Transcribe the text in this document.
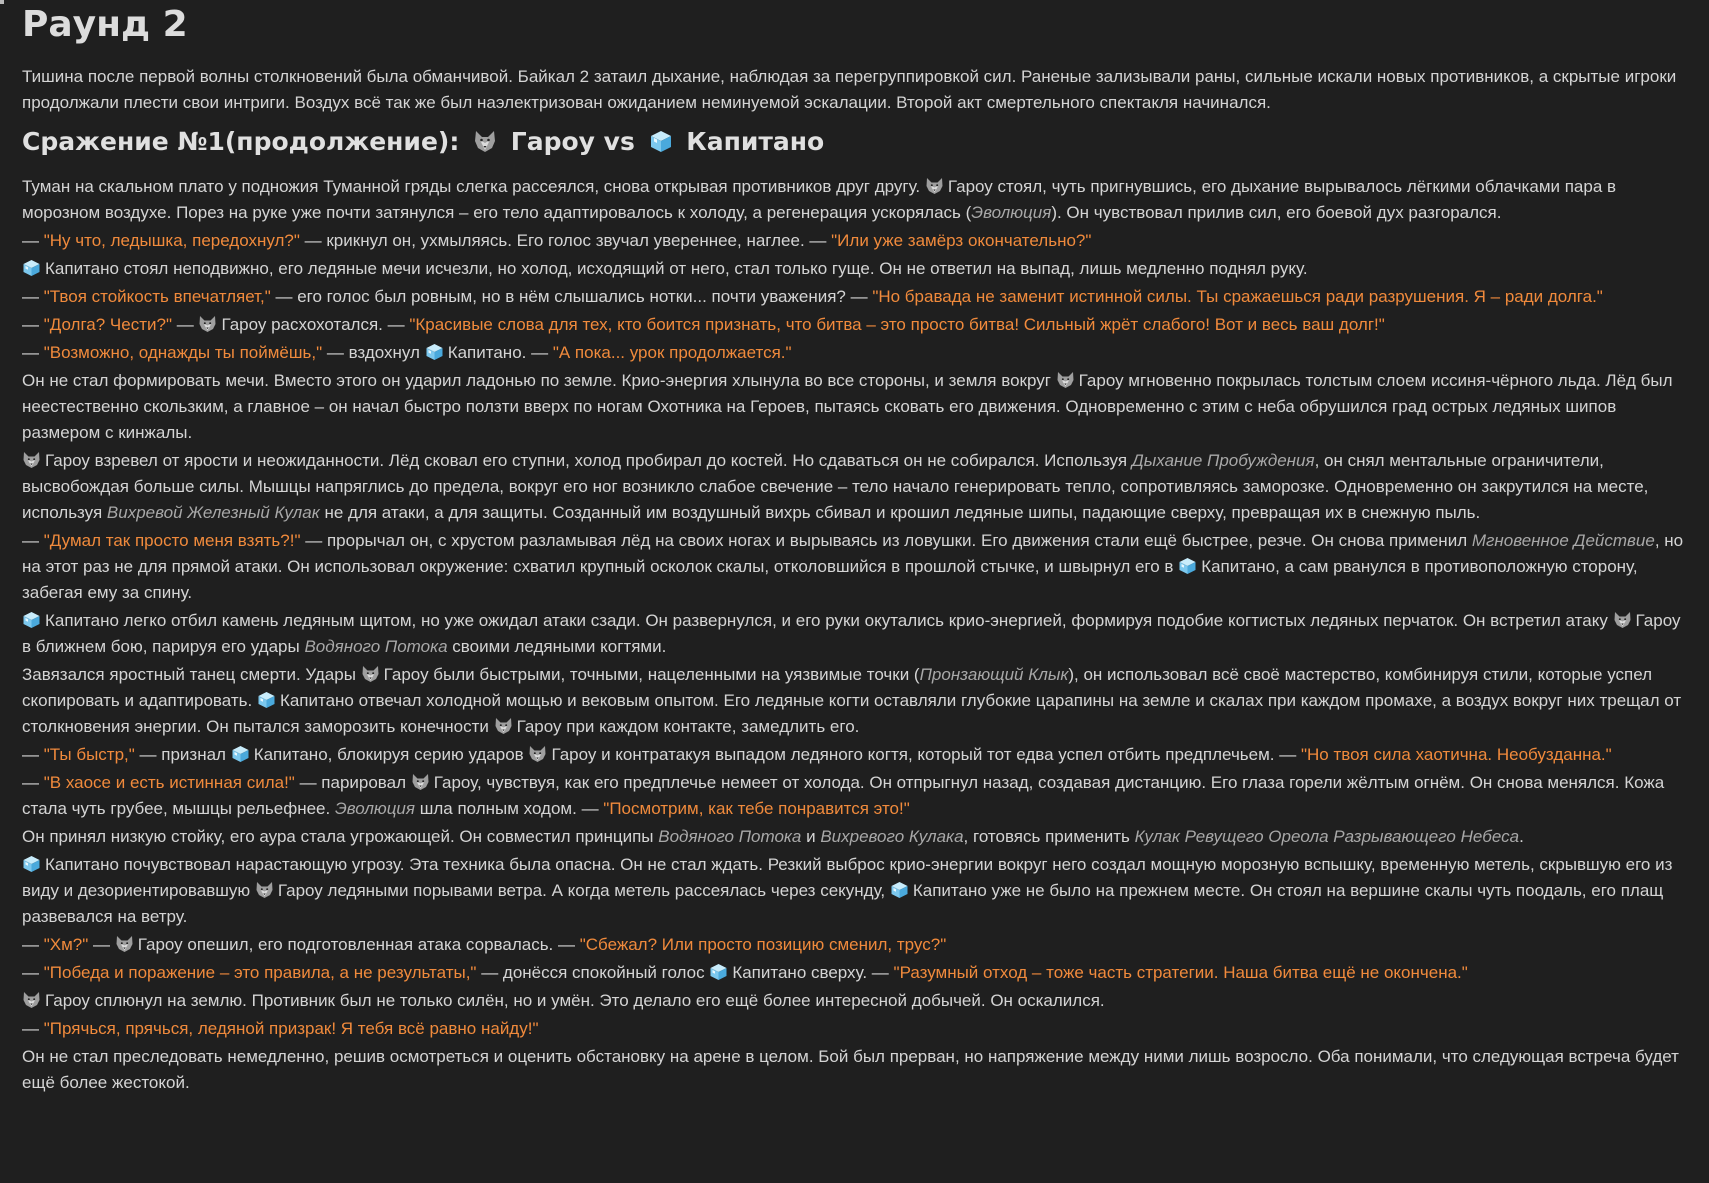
Раунд 2

Тишина после первой волны столкновений была обманчивой. Байкал 2 затаил дыхание, наблюдая за перегруппировкой сил. Раненые зализывали раны, сильные искали новых противников, а скрытые игроки продолжали плести свои интриги. Воздух всё так же был наэлектризован ожиданием неминуемой эскалации. Второй акт смертельного спектакля начинался.

Сражение №1(продолжение): Гароу vs Капитано

Туман на скальном плато у подножия Туманной гряды слегка рассеялся, снова открывая противников друг другу.
Гароу стоял, чуть пригнувшись, его дыхание вырывалось лёгкими облачками пара в морозном воздухе. Порез на руке уже почти затянулся – его тело адаптировалось к холоду, а регенерация ускорялась (Эволюция). Он чувствовал прилив сил, его боевой дух разгорался.

— "Ну что, ледышка, передохнул?" — крикнул он, ухмыляясь. Его голос звучал увереннее, наглее. — "Или уже замёрз окончательно?"

Капитано стоял неподвижно, его ледяные мечи исчезли, но холод, исходящий от него, стал только гуще. Он не ответил на выпад, лишь медленно поднял руку.

— "Твоя стойкость впечатляет," — его голос был ровным, но в нём слышались нотки... почти уважения? — "Но бравада не заменит истинной силы. Ты сражаешься ради разрушения. Я – ради долга."

— "Долга? Чести?" —
Гароу расхохотался. — "Красивые слова для тех, кто боится признать, что битва – это просто битва! Сильный жрёт слабого! Вот и весь ваш долг!"

— "Возможно, однажды ты поймёшь," — вздохнул
Капитано. — "А пока... урок продолжается."

Он не стал формировать мечи. Вместо этого он ударил ладонью по земле. Крио-энергия хлынула во все стороны, и земля вокруг
Гароу мгновенно покрылась толстым слоем иссиня-чёрного льда. Лёд был неестественно скользким, а главное – он начал быстро ползти вверх по ногам Охотника на Героев, пытаясь сковать его движения. Одновременно с этим с неба обрушился град острых ледяных шипов размером с кинжалы.

Гароу взревел от ярости и неожиданности. Лёд сковал его ступни, холод пробирал до костей. Но сдаваться он не собирался. Используя Дыхание Пробуждения, он снял ментальные ограничители, высвобождая больше силы. Мышцы напряглись до предела, вокруг его ног возникло слабое свечение – тело начало генерировать тепло, сопротивляясь заморозке. Одновременно он закрутился на месте, используя Вихревой Железный Кулак не для атаки, а для защиты. Созданный им воздушный вихрь сбивал и крошил ледяные шипы, падающие сверху, превращая их в снежную пыль.

— "Думал так просто меня взять?!" — прорычал он, с хрустом разламывая лёд на своих ногах и вырываясь из ловушки. Его движения стали ещё быстрее, резче. Он снова применил Мгновенное Действие, но на этот раз не для прямой атаки. Он использовал окружение: схватил крупный осколок скалы, отколовшийся в прошлой стычке, и швырнул его в
Капитано, а сам рванулся в противоположную сторону, забегая ему за спину.

Капитано легко отбил камень ледяным щитом, но уже ожидал атаки сзади. Он развернулся, и его руки окутались крио-энергией, формируя подобие когтистых ледяных перчаток. Он встретил атаку
Гароу в ближнем бою, парируя его удары Водяного Потока своими ледяными когтями.

Завязался яростный танец смерти. Удары
Гароу были быстрыми, точными, нацеленными на уязвимые точки (Пронзающий Клык), он использовал всё своё мастерство, комбинируя стили, которые успел скопировать и адаптировать.
Капитано отвечал холодной мощью и вековым опытом. Его ледяные когти оставляли глубокие царапины на земле и скалах при каждом промахе, а воздух вокруг них трещал от столкновения энергии. Он пытался заморозить конечности
Гароу при каждом контакте, замедлить его.

— "Ты быстр," — признал
Капитано, блокируя серию ударов
Гароу и контратакуя выпадом ледяного когтя, который тот едва успел отбить предплечьем. — "Но твоя сила хаотична. Необузданна."

— "В хаосе и есть истинная сила!" — парировал
Гароу, чувствуя, как его предплечье немеет от холода. Он отпрыгнул назад, создавая дистанцию. Его глаза горели жёлтым огнём. Он снова менялся. Кожа стала чуть грубее, мышцы рельефнее. Эволюция шла полным ходом. — "Посмотрим, как тебе понравится это!"

Он принял низкую стойку, его аура стала угрожающей. Он совместил принципы Водяного Потока и Вихревого Кулака, готовясь применить Кулак Ревущего Ореола Разрывающего Небеса.

Капитано почувствовал нарастающую угрозу. Эта техника была опасна. Он не стал ждать. Резкий выброс крио-энергии вокруг него создал мощную морозную вспышку, временную метель, скрывшую его из виду и дезориентировавшую
Гароу ледяными порывами ветра. А когда метель рассеялась через секунду,
Капитано уже не было на прежнем месте. Он стоял на вершине скалы чуть поодаль, его плащ развевался на ветру.

— "Хм?" —
Гароу опешил, его подготовленная атака сорвалась. — "Сбежал? Или просто позицию сменил, трус?"

— "Победа и поражение – это правила, а не результаты," — донёсся спокойный голос
Капитано сверху. — "Разумный отход – тоже часть стратегии. Наша битва ещё не окончена."

Гароу сплюнул на землю. Противник был не только силён, но и умён. Это делало его ещё более интересной добычей. Он оскалился.

— "Прячься, прячься, ледяной призрак! Я тебя всё равно найду!"

Он не стал преследовать немедленно, решив осмотреться и оценить обстановку на арене в целом. Бой был прерван, но напряжение между ними лишь возросло. Оба понимали, что следующая встреча будет ещё более жестокой.
